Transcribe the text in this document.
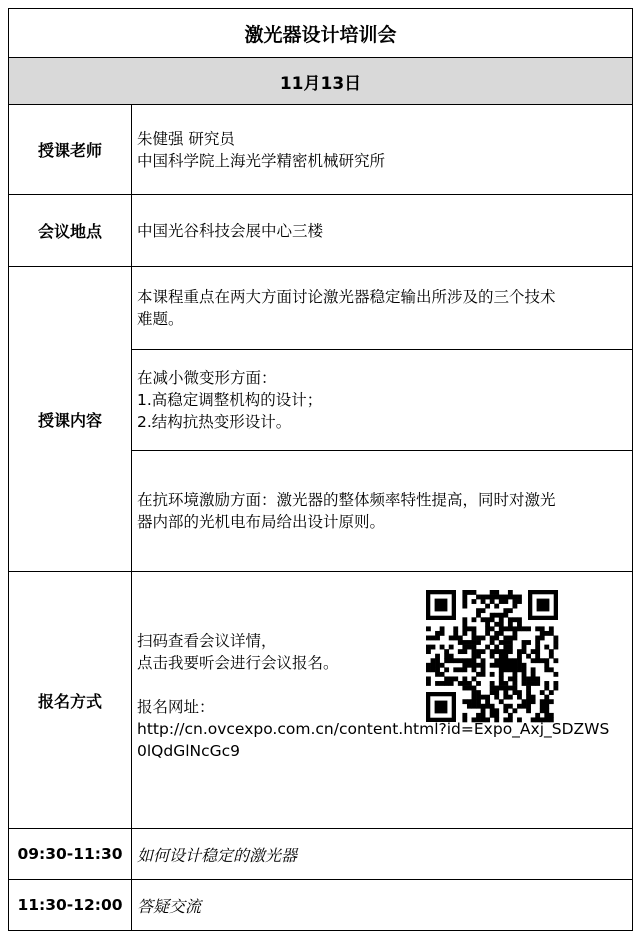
激光器设计培训会	
11月13日	
授课老师	朱健强 研究员
中国科学院上海光学精密机械研究所

会议地点	中国光谷科技会展中心三楼
授课内容	本课程重点在两大方面讨论激光器稳定输出所涉及的三个技术
难题。

	在减小微变形方面：
1.高稳定调整机构的设计；
2.结构抗热变形设计。

	在抗环境激励方面：激光器的整体频率特性提高，同时对激光
器内部的光机电布局给出设计原则。

报名方式	扫码查看会议详情，
点击我要听会进行会议报名。
报名网址：
http://cn.ovcexpo.com.cn/content.html?id=Expo_Axj_SDZWS0lQdGlNcGc9

09:30-11:30	如何设计稳定的激光器
11:30-12:00	答疑交流
